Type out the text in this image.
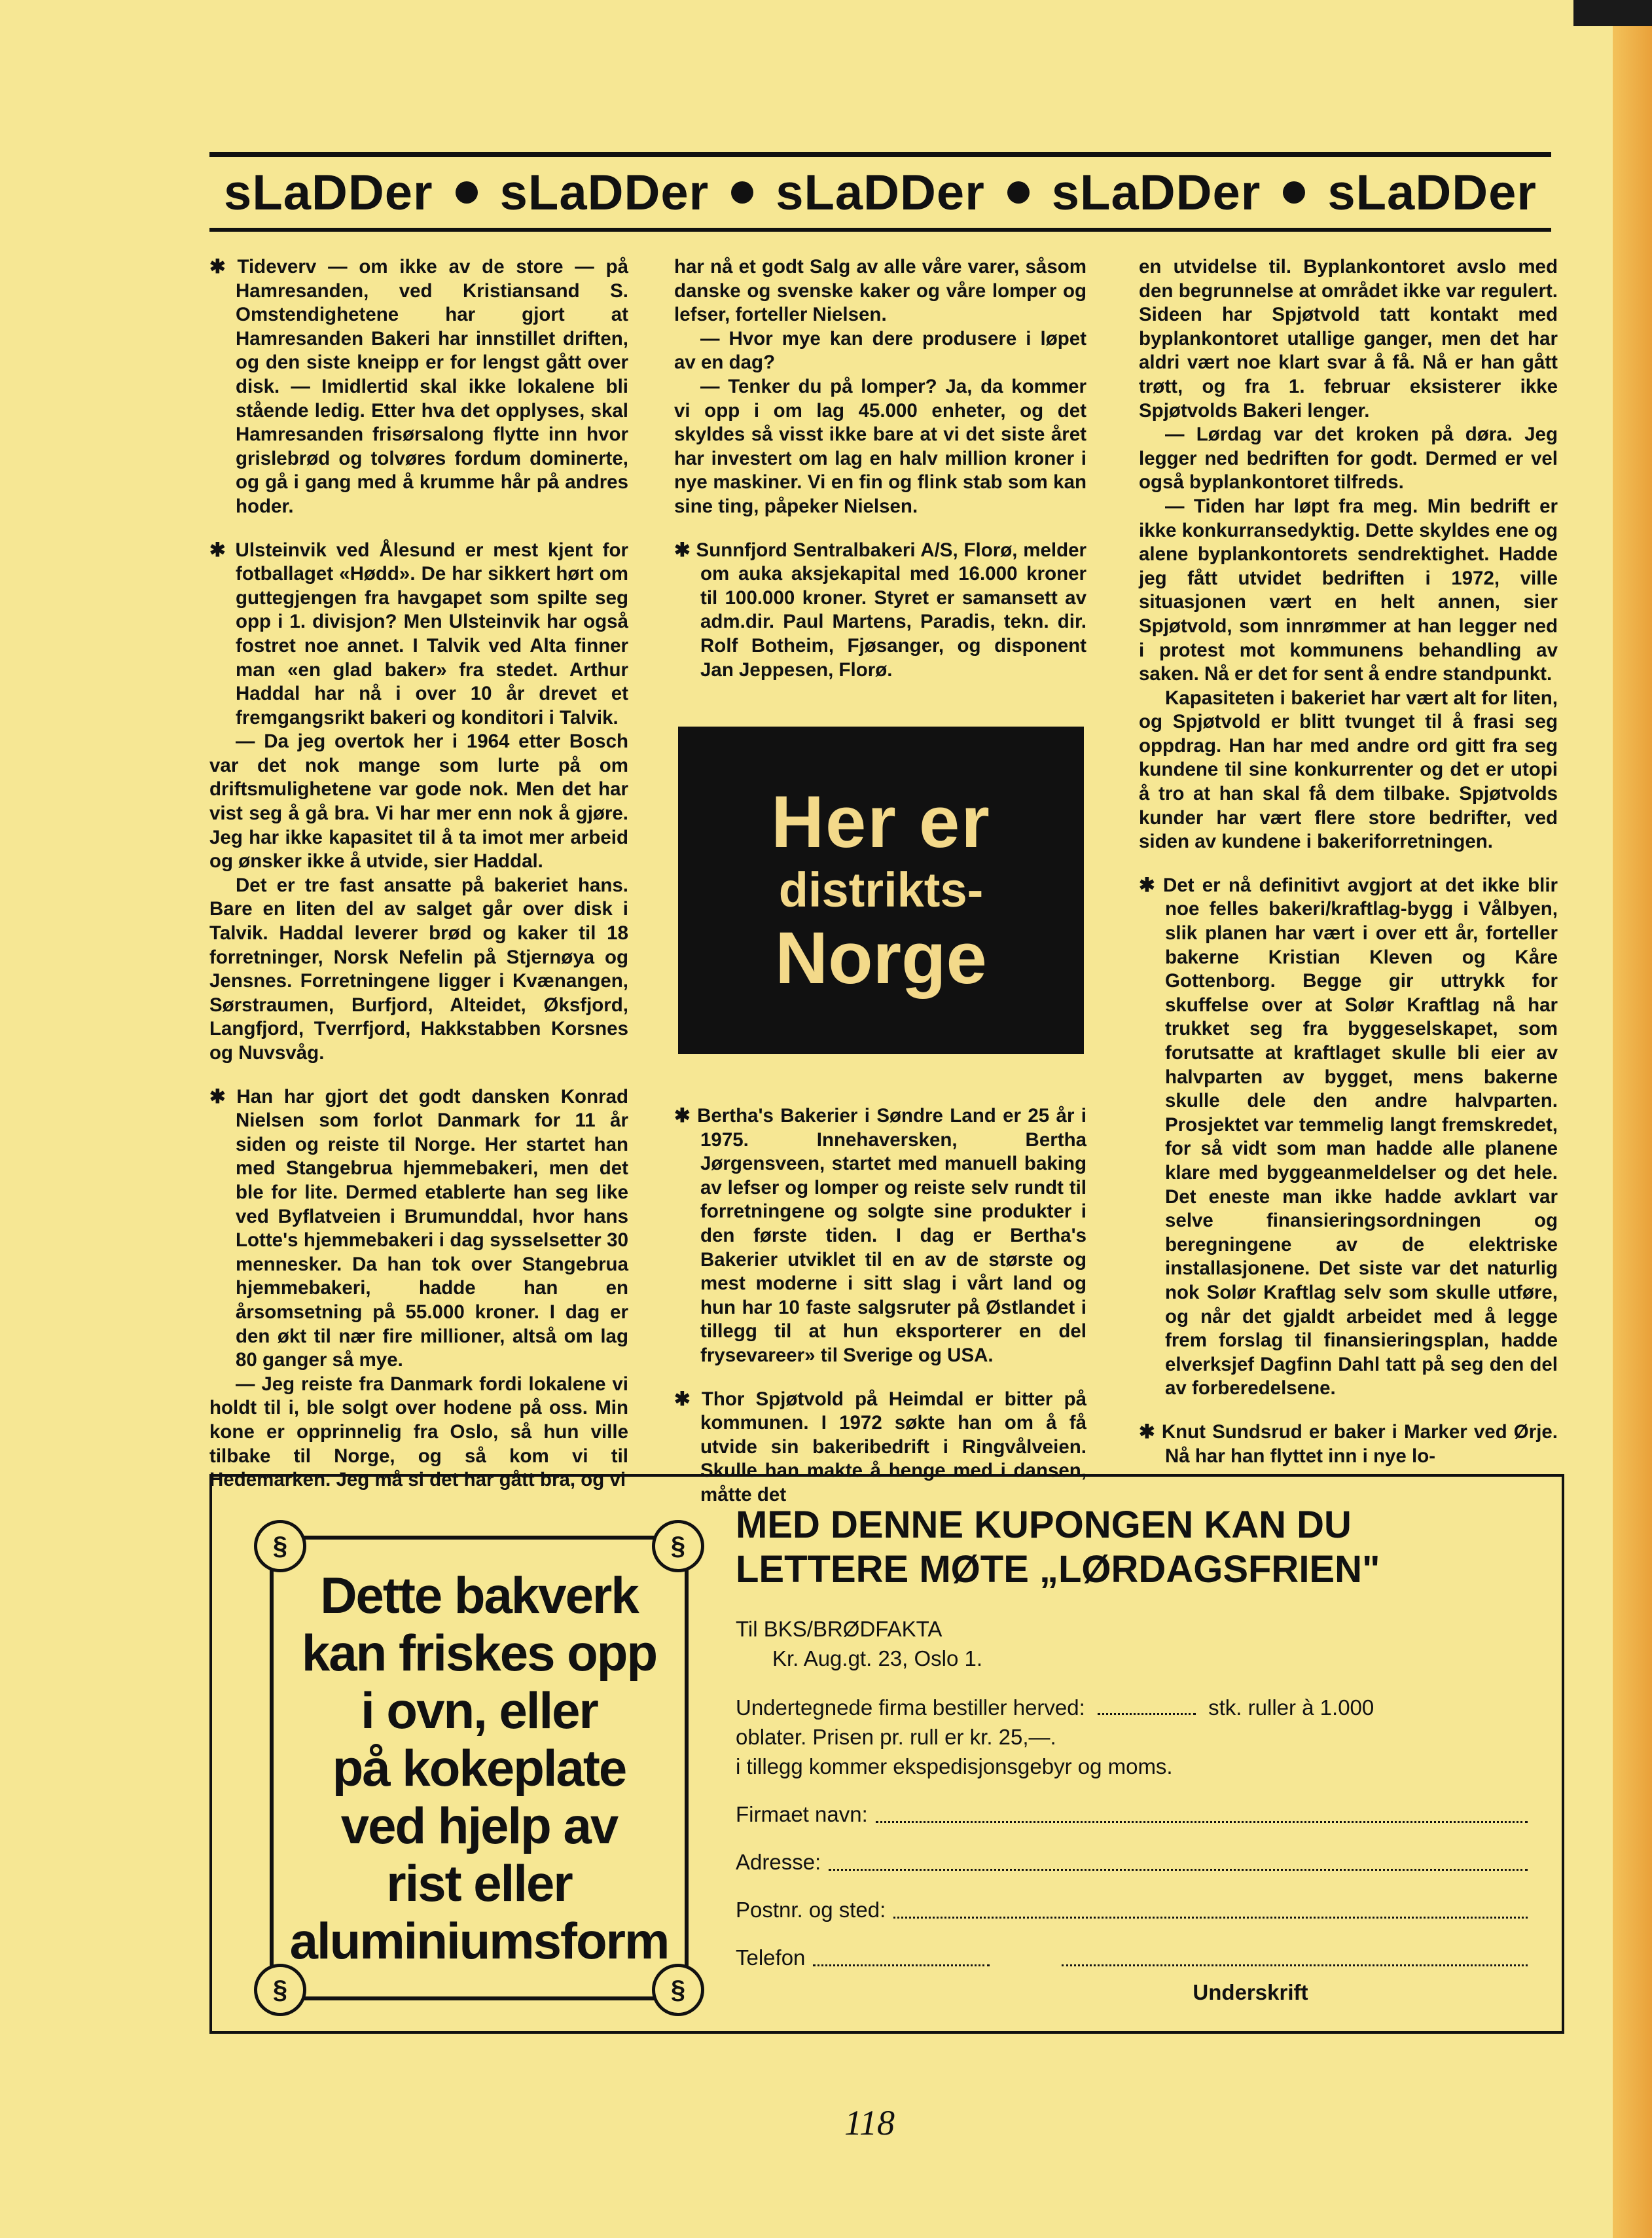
sLaDDer sLaDDer sLaDDer sLaDDer sLaDDer

✱ Tideverv — om ikke av de store — på Hamresanden, ved Kristiansand S. Omstendighetene har gjort at Hamresanden Bakeri har innstillet driften, og den siste kneipp er for lengst gått over disk. — Imidlertid skal ikke lokalene bli stående ledig. Etter hva det opplyses, skal Hamresanden frisørsalong flytte inn hvor grislebrød og tolvøres fordum dominerte, og gå i gang med å krumme hår på andres hoder.

✱ Ulsteinvik ved Ålesund er mest kjent for fotballaget «Hødd». De har sikkert hørt om guttegjengen fra havgapet som spilte seg opp i 1. divisjon? Men Ulsteinvik har også fostret noe annet. I Talvik ved Alta finner man «en glad baker» fra stedet. Arthur Haddal har nå i over 10 år drevet et fremgangsrikt bakeri og konditori i Talvik.

— Da jeg overtok her i 1964 etter Bosch var det nok mange som lurte på om driftsmulighetene var gode nok. Men det har vist seg å gå bra. Vi har mer enn nok å gjøre. Jeg har ikke kapasitet til å ta imot mer arbeid og ønsker ikke å utvide, sier Haddal.

Det er tre fast ansatte på bakeriet hans. Bare en liten del av salget går over disk i Talvik. Haddal leverer brød og kaker til 18 forretninger, Norsk Nefelin på Stjernøya og Jensnes. Forretningene ligger i Kvænangen, Sørstraumen, Burfjord, Alteidet, Øksfjord, Langfjord, Tverrfjord, Hakkstabben Korsnes og Nuvsvåg.

✱ Han har gjort det godt dansken Konrad Nielsen som forlot Danmark for 11 år siden og reiste til Norge. Her startet han med Stangebrua hjemmebakeri, men det ble for lite. Dermed etablerte han seg like ved Byflatveien i Brumunddal, hvor hans Lotte's hjemmebakeri i dag sysselsetter 30 mennesker. Da han tok over Stangebrua hjemmebakeri, hadde han en årsomsetning på 55.000 kroner. I dag er den økt til nær fire millioner, altså om lag 80 ganger så mye.

— Jeg reiste fra Danmark fordi lokalene vi holdt til i, ble solgt over hodene på oss. Min kone er opprinnelig fra Oslo, så hun ville tilbake til Norge, og så kom vi til Hedemarken. Jeg må si det har gått bra, og vi

har nå et godt Salg av alle våre varer, såsom danske og svenske kaker og våre lomper og lefser, forteller Nielsen.

— Hvor mye kan dere produsere i løpet av en dag?

— Tenker du på lomper? Ja, da kommer vi opp i om lag 45.000 enheter, og det skyldes så visst ikke bare at vi det siste året har investert om lag en halv million kroner i nye maskiner. Vi en fin og flink stab som kan sine ting, påpeker Nielsen.

✱ Sunnfjord Sentralbakeri A/S, Florø, melder om auka aksjekapital med 16.000 kroner til 100.000 kroner. Styret er samansett av adm.dir. Paul Martens, Paradis, tekn. dir. Rolf Botheim, Fjøsanger, og disponent Jan Jeppesen, Florø.

✱ Bertha's Bakerier i Søndre Land er 25 år i 1975. Innehaversken, Bertha Jørgensveen, startet med manuell baking av lefser og lomper og reiste selv rundt til forretningene og solgte sine produkter i den første tiden. I dag er Bertha's Bakerier utviklet til en av de største og mest moderne i sitt slag i vårt land og hun har 10 faste salgsruter på Østlandet i tillegg til at hun eksporterer en del frysevareer» til Sverige og USA.

✱ Thor Spjøtvold på Heimdal er bitter på kommunen. I 1972 søkte han om å få utvide sin bakeribedrift i Ringvålveien. Skulle han makte å henge med i dansen, måtte det

Her er
distrikts-
Norge

en utvidelse til. Byplankontoret avslo med den begrunnelse at området ikke var regulert. Sideen har Spjøtvold tatt kontakt med byplankontoret utallige ganger, men det har aldri vært noe klart svar å få. Nå er han gått trøtt, og fra 1. februar eksisterer ikke Spjøtvolds Bakeri lenger.

— Lørdag var det kroken på døra. Jeg legger ned bedriften for godt. Dermed er vel også byplankontoret tilfreds.

— Tiden har løpt fra meg. Min bedrift er ikke konkurransedyktig. Dette skyldes ene og alene byplankontorets sendrektighet. Hadde jeg fått utvidet bedriften i 1972, ville situasjonen vært en helt annen, sier Spjøtvold, som innrømmer at han legger ned i protest mot kommunens behandling av saken. Nå er det for sent å endre standpunkt.

Kapasiteten i bakeriet har vært alt for liten, og Spjøtvold er blitt tvunget til å frasi seg oppdrag. Han har med andre ord gitt fra seg kundene til sine konkurrenter og det er utopi å tro at han skal få dem tilbake. Spjøtvolds kunder har vært flere store bedrifter, ved siden av kundene i bakeriforretningen.

✱ Det er nå definitivt avgjort at det ikke blir noe felles bakeri/kraftlag-bygg i Vålbyen, slik planen har vært i over ett år, forteller bakerne Kristian Kleven og Kåre Gottenborg. Begge gir uttrykk for skuffelse over at Solør Kraftlag nå har trukket seg fra byggeselskapet, som forutsatte at kraftlaget skulle bli eier av halvparten av bygget, mens bakerne skulle dele den andre halvparten. Prosjektet var temmelig langt fremskredet, for så vidt som man hadde alle planene klare med byggeanmeldelser og det hele. Det eneste man ikke hadde avklart var selve finansieringsordningen og beregningene av de elektriske installasjonene. Det siste var det naturlig nok Solør Kraftlag selv som skulle utføre, og når det gjaldt arbeidet med å legge frem forslag til finansieringsplan, hadde elverksjef Dagfinn Dahl tatt på seg den del av forberedelsene.

✱ Knut Sundsrud er baker i Marker ved Ørje. Nå har han flyttet inn i nye lo-

§	§
§	§
Dette bakverk
kan friskes opp
i ovn, eller
på kokeplate
ved hjelp av
rist eller
aluminiumsform
MED DENNE KUPONGEN KAN DU
LETTERE MØTE „LØRDAGSFRIEN"

Til BKS/BRØDFAKTA

Kr. Aug.gt. 23, Oslo 1.

Undertegnede firma bestiller herved:	stk. ruller à 1.000
oblater. Prisen pr. rull er kr. 25,—.
i tillegg kommer ekspedisjonsgebyr og moms.
Firmaet navn:
Adresse:
Postnr. og sted:
Telefon
Underskrift
118
